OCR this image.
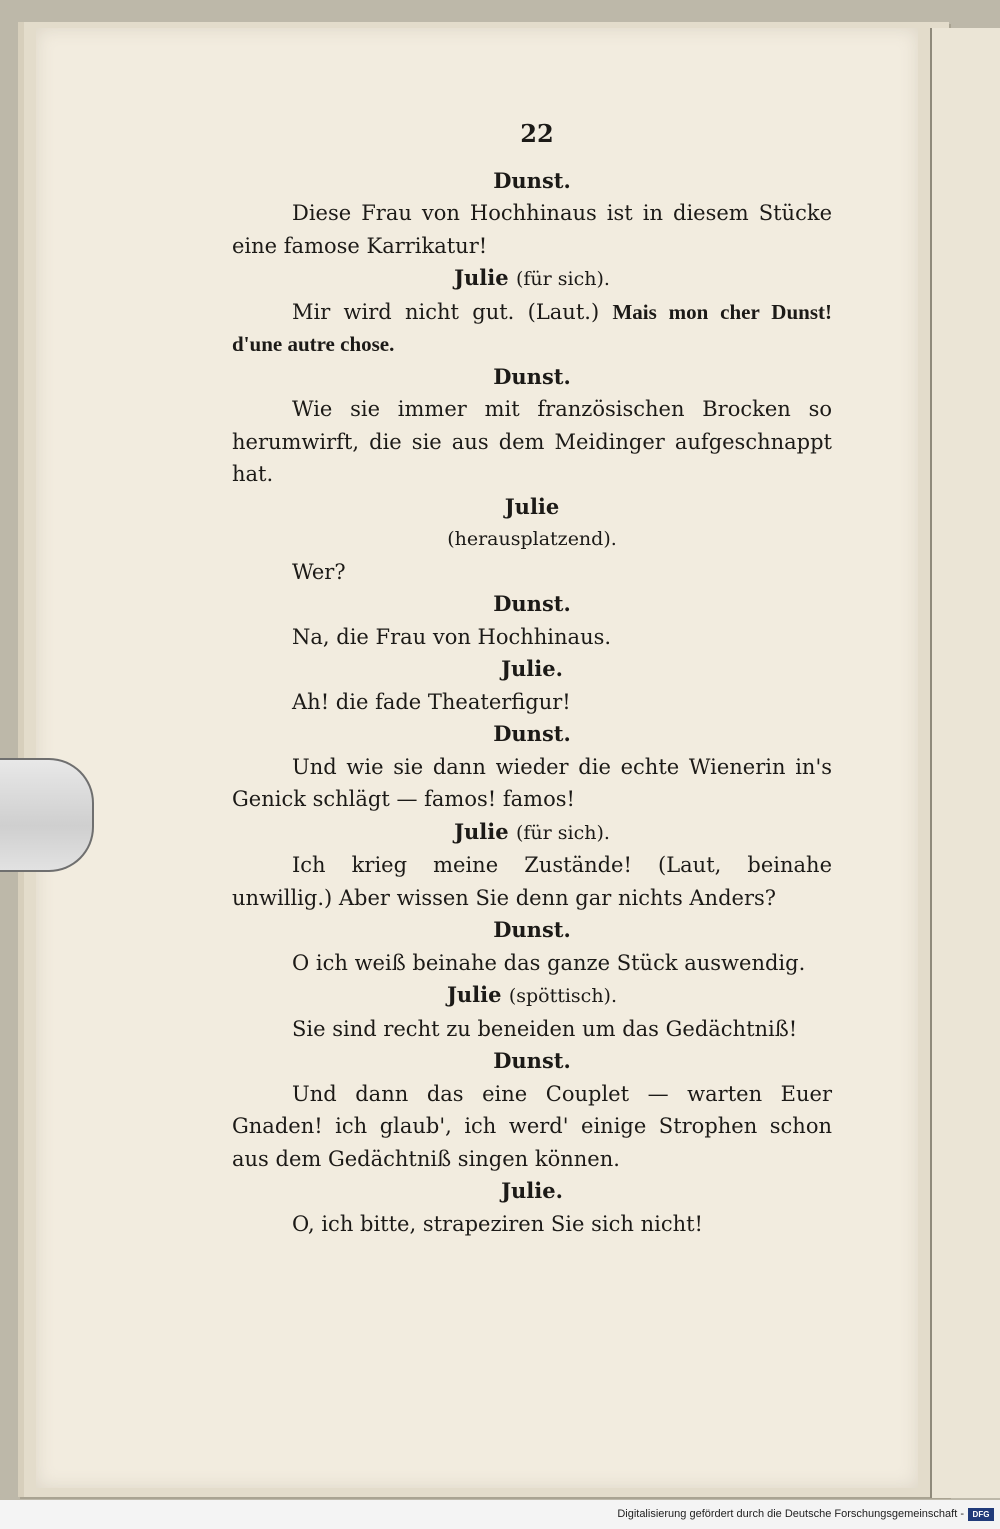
22
Dunst.
Diese Frau von Hochhinaus ist in diesem Stücke eine famose Karrikatur!
Julie (für sich).
Mir wird nicht gut. (Laut.) Mais mon cher Dunst! d'une autre chose.
Dunst.
Wie sie immer mit französischen Brocken so herumwirft, die sie aus dem Meidinger aufgeschnappt hat.
Julie
(herausplatzend).
Wer?
Dunst.
Na, die Frau von Hochhinaus.
Julie.
Ah! die fade Theaterfigur!
Dunst.
Und wie sie dann wieder die echte Wienerin in's Genick schlägt — famos! famos!
Julie (für sich).
Ich krieg meine Zustände! (Laut, beinahe unwillig.) Aber wissen Sie denn gar nichts Anders?
Dunst.
O ich weiß beinahe das ganze Stück auswendig.
Julie (spöttisch).
Sie sind recht zu beneiden um das Gedächtniß!
Dunst.
Und dann das eine Couplet — warten Euer Gnaden! ich glaub', ich werd' einige Strophen schon aus dem Gedächtniß singen können.
Julie.
O, ich bitte, strapeziren Sie sich nicht!
Digitalisierung gefördert durch die Deutsche Forschungsgemeinschaft -	DFG
